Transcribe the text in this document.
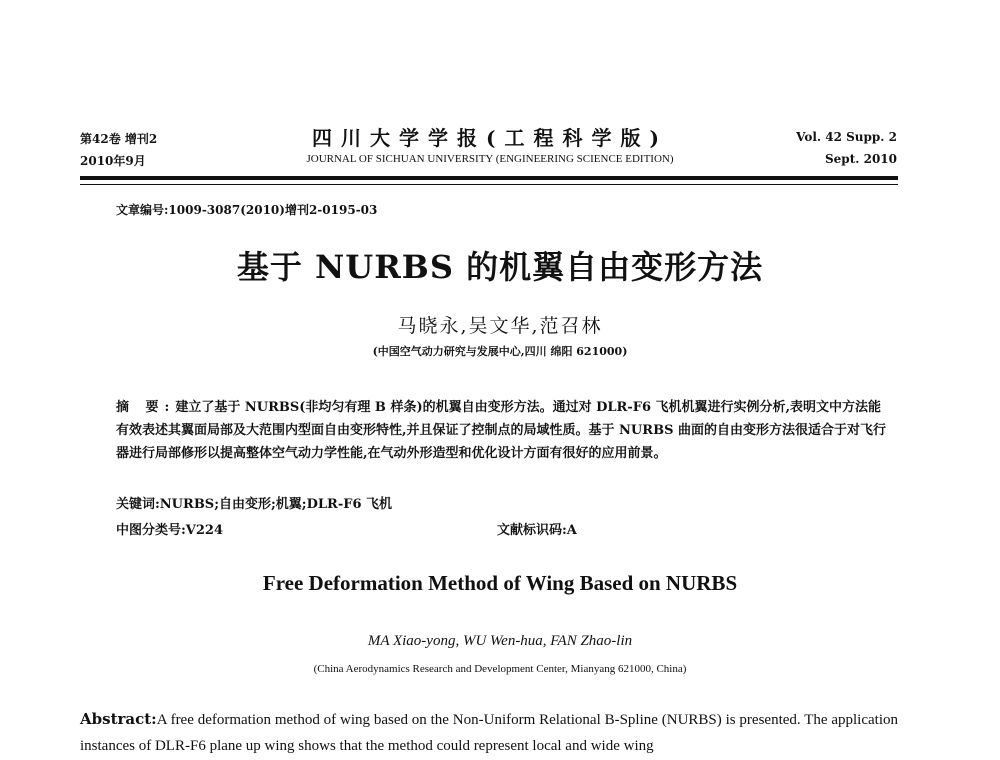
第42卷 增刊2
2010年9月
四川大学学报(工程科学版)
JOURNAL OF SICHUAN UNIVERSITY (ENGINEERING SCIENCE EDITION)
Vol. 42 Supp. 2
Sept. 2010
文章编号:1009-3087(2010)增刊2-0195-03
基于 NURBS 的机翼自由变形方法
马晓永,吴文华,范召林
(中国空气动力研究与发展中心,四川 绵阳 621000)
摘 要:建立了基于 NURBS(非均匀有理 B 样条)的机翼自由变形方法。通过对 DLR-F6 飞机机翼进行实例分析,表明文中方法能有效表述其翼面局部及大范围内型面自由变形特性,并且保证了控制点的局域性质。基于 NURBS 曲面的自由变形方法很适合于对飞行器进行局部修形以提高整体空气动力学性能,在气动外形造型和优化设计方面有很好的应用前景。
关键词:NURBS;自由变形;机翼;DLR-F6 飞机
中图分类号:V224	文献标识码:A
Free Deformation Method of Wing Based on NURBS
MA Xiao-yong, WU Wen-hua, FAN Zhao-lin
(China Aerodynamics Research and Development Center, Mianyang 621000, China)
Abstract:A free deformation method of wing based on the Non-Uniform Relational B-Spline (NURBS) is presented. The application instances of DLR-F6 plane up wing shows that the method could represent local and wide wing
